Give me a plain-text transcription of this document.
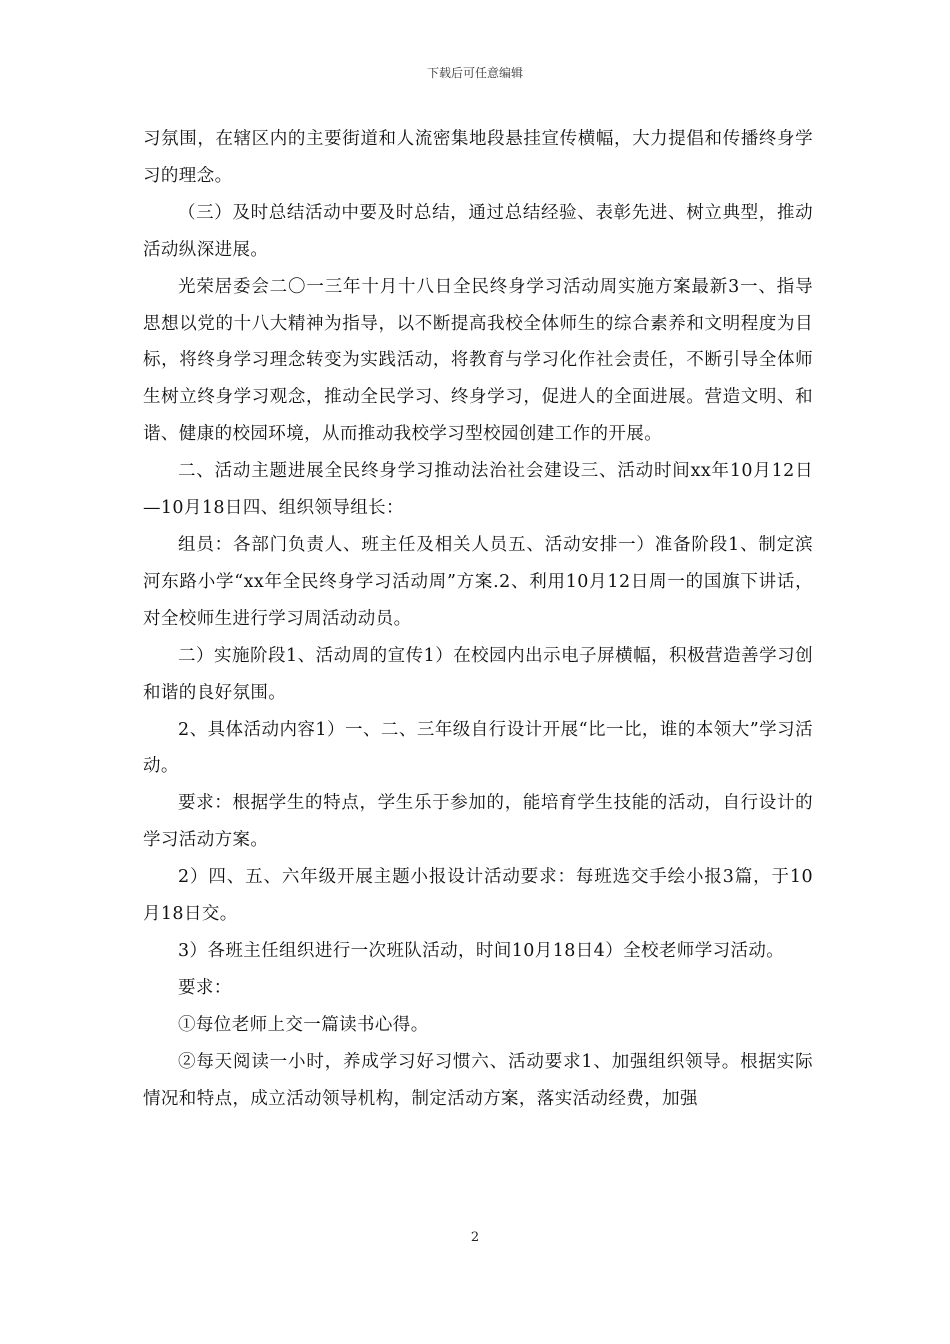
下载后可任意编辑

习氛围，在辖区内的主要街道和人流密集地段悬挂宣传横幅，大力提倡和传播终身学习的理念。

（三）及时总结活动中要及时总结，通过总结经验、表彰先进、树立典型，推动活动纵深进展。

光荣居委会二〇一三年十月十八日全民终身学习活动周实施方案最新3一、指导思想以党的十八大精神为指导，以不断提高我校全体师生的综合素养和文明程度为目标，将终身学习理念转变为实践活动，将教育与学习化作社会责任，不断引导全体师生树立终身学习观念，推动全民学习、终身学习，促进人的全面进展。营造文明、和谐、健康的校园环境，从而推动我校学习型校园创建工作的开展。

二、活动主题进展全民终身学习推动法治社会建设三、活动时间xx年10月12日—10月18日四、组织领导组长：

组员：各部门负责人、班主任及相关人员五、活动安排一）准备阶段1、制定滨河东路小学“xx年全民终身学习活动周”方案.2、利用10月12日周一的国旗下讲话，对全校师生进行学习周活动动员。

二）实施阶段1、活动周的宣传1）在校园内出示电子屏横幅，积极营造善学习创和谐的良好氛围。

2、具体活动内容1）一、二、三年级自行设计开展“比一比，谁的本领大”学习活动。

要求：根据学生的特点，学生乐于参加的，能培育学生技能的活动，自行设计的学习活动方案。

2）四、五、六年级开展主题小报设计活动要求：每班选交手绘小报3篇，于10月18日交。

3）各班主任组织进行一次班队活动，时间10月18日4）全校老师学习活动。

要求：

①每位老师上交一篇读书心得。

②每天阅读一小时，养成学习好习惯六、活动要求1、加强组织领导。根据实际情况和特点，成立活动领导机构，制定活动方案，落实活动经费，加强

2
